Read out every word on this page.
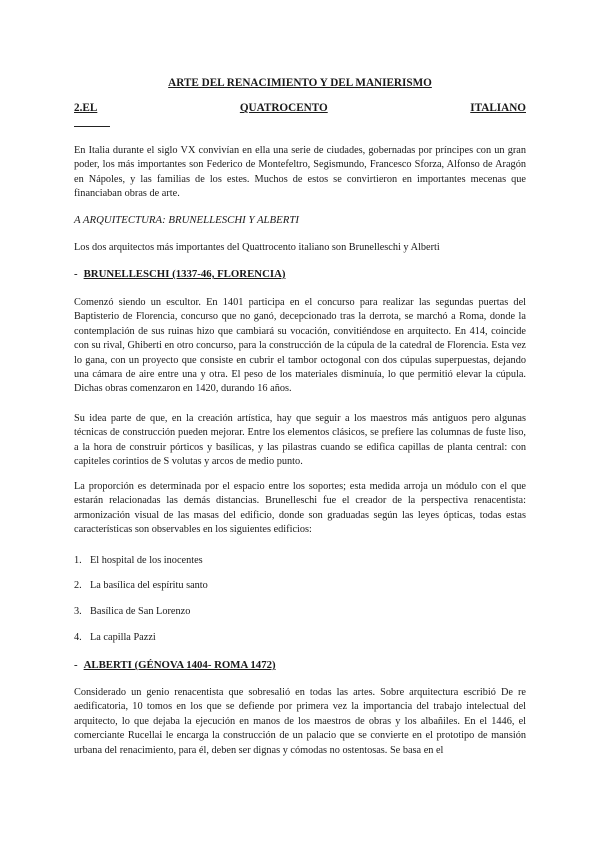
ARTE DEL RENACIMIENTO Y DEL MANIERISMO
2.EL	QUATROCENTO	ITALIANO

En Italia durante el siglo VX convivían en ella una serie de ciudades, gobernadas por príncipes con un gran poder, los más importantes son Federico de Montefeltro, Segismundo, Francesco Sforza, Alfonso de Aragón en Nápoles, y las familias de los estes. Muchos de estos se convirtieron en importantes mecenas que financiaban obras de arte.

A ARQUITECTURA: BRUNELLESCHI Y ALBERTI

Los dos arquitectos más importantes del Quattrocento italiano son Brunelleschi y Alberti

- BRUNELLESCHI (1337-46, FLORENCIA)

Comenzó siendo un escultor. En 1401 participa en el concurso para realizar las segundas puertas del Baptisterio de Florencia, concurso que no ganó, decepcionado tras la derrota, se marchó a Roma, donde la contemplación de sus ruinas hizo que cambiará su vocación, convitiéndose en arquitecto. En 414, coincide con su rival, Ghiberti en otro concurso, para la construcción de la cúpula de la catedral de Florencia. Esta vez lo gana, con un proyecto que consiste en cubrir el tambor octogonal con dos cúpulas superpuestas, dejando una cámara de aire entre una y otra. El peso de los materiales disminuía, lo que permitió elevar la cúpula. Dichas obras comenzaron en 1420, durando 16 años.

Su idea parte de que, en la creación artística, hay que seguir a los maestros más antiguos pero algunas técnicas de construcción pueden mejorar. Entre los elementos clásicos, se prefiere las columnas de fuste liso, a la hora de construir pórticos y basílicas, y las pilastras cuando se edifica capillas de planta central: con capiteles corintios de S volutas y arcos de medio punto.

La proporción es determinada por el espacio entre los soportes; esta medida arroja un módulo con el que estarán relacionadas las demás distancias. Brunelleschi fue el creador de la perspectiva renacentista: armonización visual de las masas del edificio, donde son graduadas según las leyes ópticas, todas estas características son observables en los siguientes edificios:

1. El hospital de los inocentes
2. La basílica del espíritu santo
3. Basílica de San Lorenzo
4. La capilla Pazzi
- ALBERTI (GÉNOVA 1404- ROMA 1472)

Considerado un genio renacentista que sobresalió en todas las artes. Sobre arquitectura escribió De re aedificatoria, 10 tomos en los que se defiende por primera vez la importancia del trabajo intelectual del arquitecto, lo que dejaba la ejecución en manos de los maestros de obras y los albañiles. En el 1446, el comerciante Rucellai le encarga la construcción de un palacio que se convierte en el prototipo de mansión urbana del renacimiento, para él, deben ser dignas y cómodas no ostentosas. Se basa en el
